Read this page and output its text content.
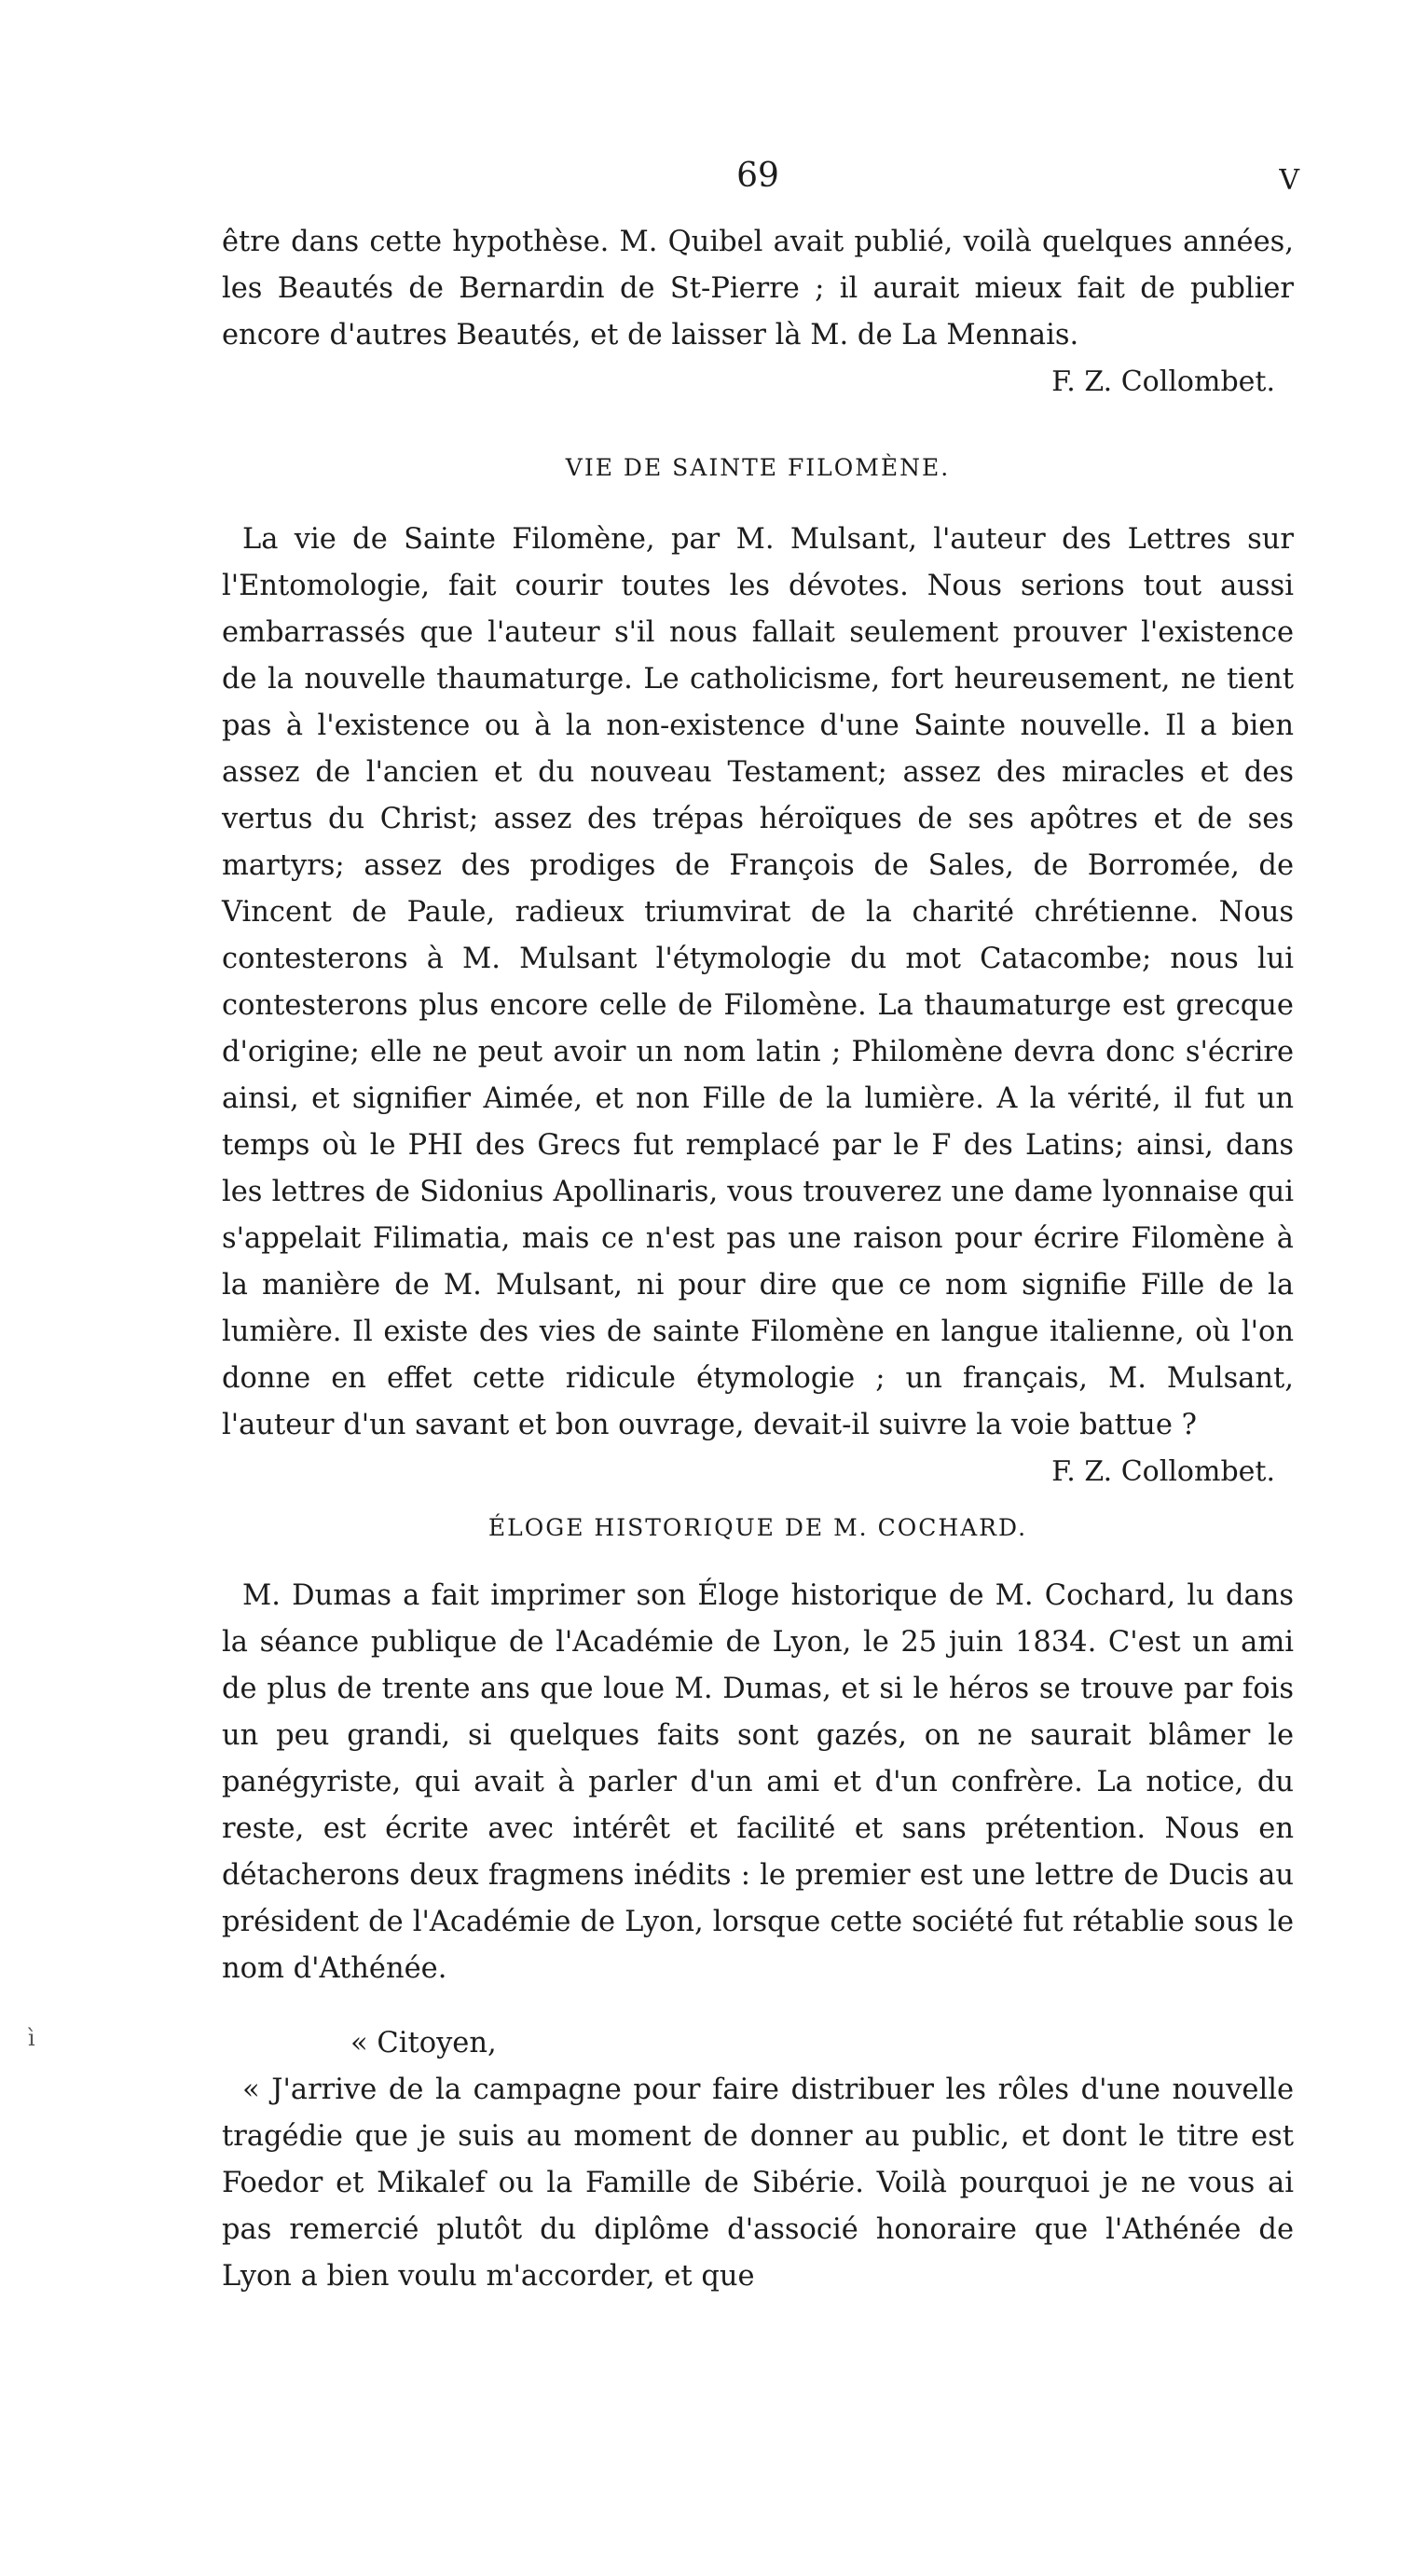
69	V

être dans cette hypothèse. M. Quibel avait publié, voilà quelques années, les Beautés de Bernardin de St-Pierre ; il aurait mieux fait de publier encore d'autres Beautés, et de laisser là M. de La Mennais.

F. Z. Collombet.
VIE DE SAINTE FILOMÈNE.

La vie de Sainte Filomène, par M. Mulsant, l'auteur des Lettres sur l'Entomologie, fait courir toutes les dévotes. Nous serions tout aussi embarrassés que l'auteur s'il nous fallait seulement prouver l'existence de la nouvelle thaumaturge. Le catholicisme, fort heureusement, ne tient pas à l'existence ou à la non-existence d'une Sainte nouvelle. Il a bien assez de l'ancien et du nouveau Testament; assez des miracles et des vertus du Christ; assez des trépas héroïques de ses apôtres et de ses martyrs; assez des prodiges de François de Sales, de Borromée, de Vincent de Paule, radieux triumvirat de la charité chrétienne. Nous contesterons à M. Mulsant l'étymologie du mot Catacombe; nous lui contesterons plus encore celle de Filomène. La thaumaturge est grecque d'origine; elle ne peut avoir un nom latin ; Philomène devra donc s'écrire ainsi, et signifier Aimée, et non Fille de la lumière. A la vérité, il fut un temps où le PHI des Grecs fut remplacé par le F des Latins; ainsi, dans les lettres de Sidonius Apollinaris, vous trouverez une dame lyonnaise qui s'appelait Filimatia, mais ce n'est pas une raison pour écrire Filomène à la manière de M. Mulsant, ni pour dire que ce nom signifie Fille de la lumière. Il existe des vies de sainte Filomène en langue italienne, où l'on donne en effet cette ridicule étymologie ; un français, M. Mulsant, l'auteur d'un savant et bon ouvrage, devait-il suivre la voie battue ?

F. Z. Collombet.
ÉLOGE HISTORIQUE DE M. COCHARD.

M. Dumas a fait imprimer son Éloge historique de M. Cochard, lu dans la séance publique de l'Académie de Lyon, le 25 juin 1834. C'est un ami de plus de trente ans que loue M. Dumas, et si le héros se trouve par fois un peu grandi, si quelques faits sont gazés, on ne saurait blâmer le panégyriste, qui avait à parler d'un ami et d'un confrère. La notice, du reste, est écrite avec intérêt et facilité et sans prétention. Nous en détacherons deux fragmens inédits : le premier est une lettre de Ducis au président de l'Académie de Lyon, lorsque cette société fut rétablie sous le nom d'Athénée.

« Citoyen,

« J'arrive de la campagne pour faire distribuer les rôles d'une nouvelle tragédie que je suis au moment de donner au public, et dont le titre est Foedor et Mikalef ou la Famille de Sibérie. Voilà pourquoi je ne vous ai pas remercié plutôt du diplôme d'associé honoraire que l'Athénée de Lyon a bien voulu m'accorder, et que

ì
